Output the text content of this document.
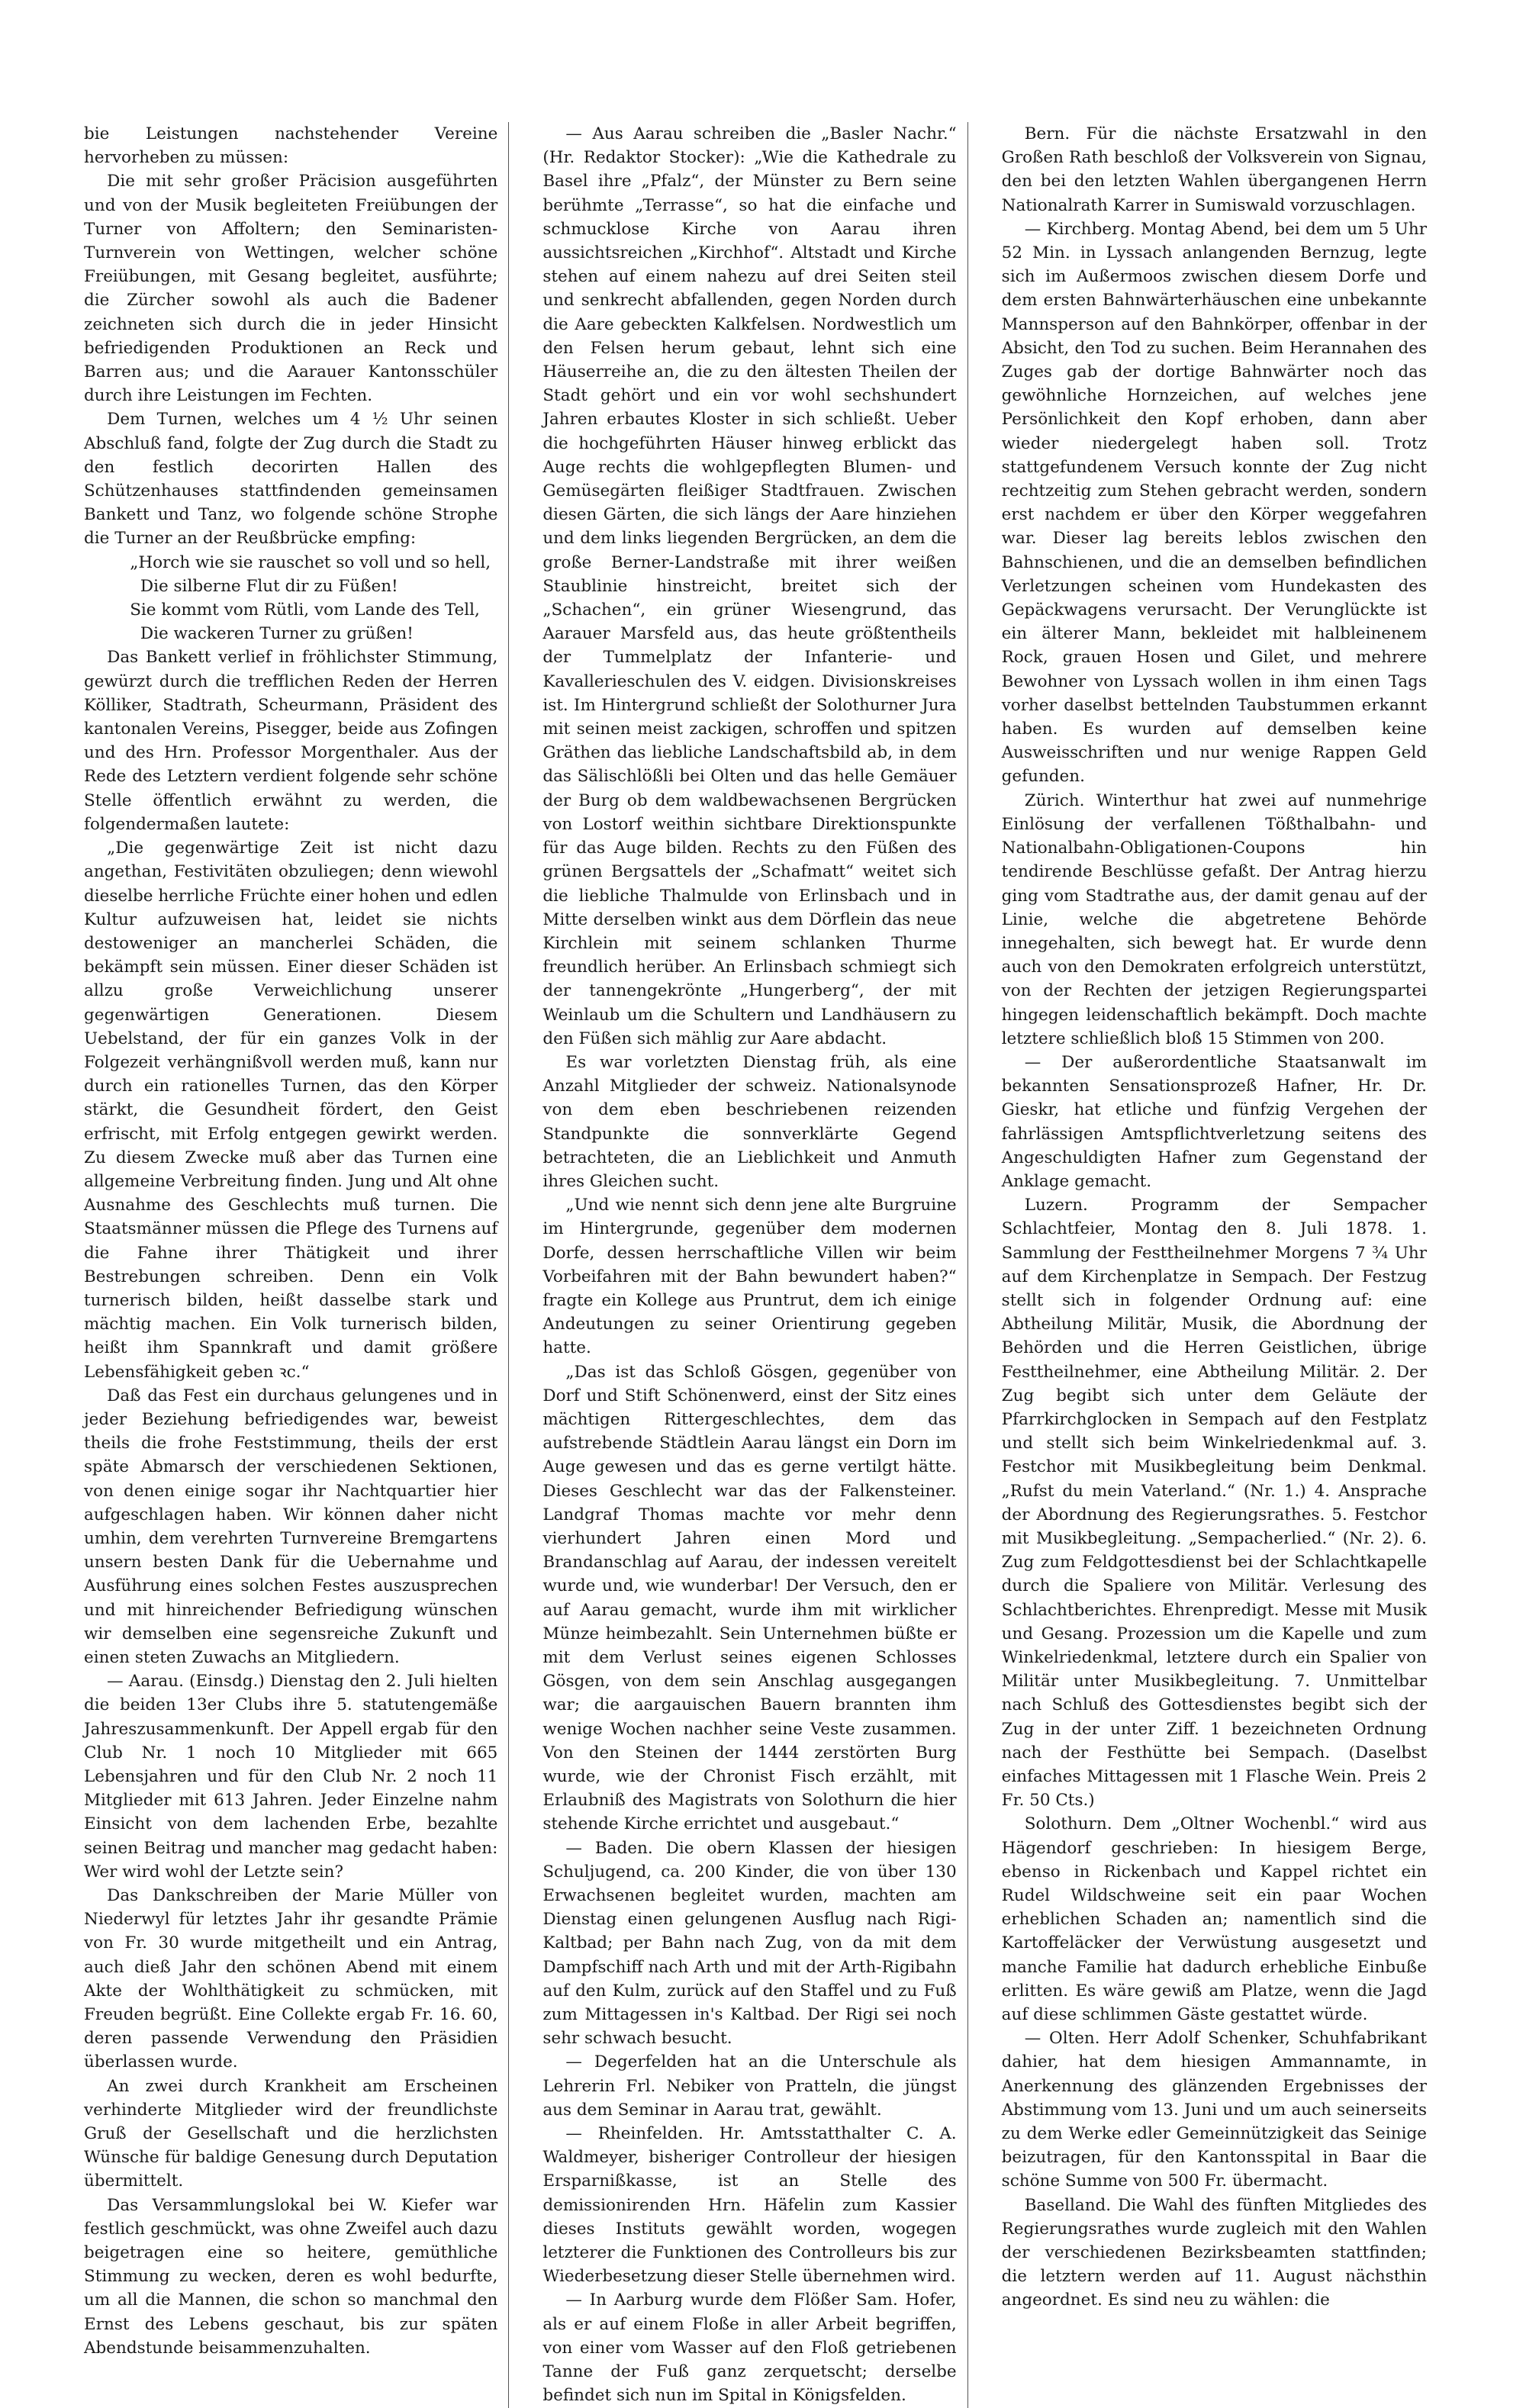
bie Leistungen nachstehender Vereine hervorheben zu müssen:

Die mit sehr großer Präcision ausgeführten und von der Musik begleiteten Freiübungen der Turner von Affoltern; den Seminaristen-Turnverein von Wettingen, welcher schöne Freiübungen, mit Gesang begleitet, ausführte; die Zürcher sowohl als auch die Badener zeichneten sich durch die in jeder Hinsicht befriedigenden Produktionen an Reck und Barren aus; und die Aarauer Kantonsschüler durch ihre Leistungen im Fechten.

Dem Turnen, welches um 4 ½ Uhr seinen Abschluß fand, folgte der Zug durch die Stadt zu den festlich decorirten Hallen des Schützenhauses stattfindenden gemeinsamen Bankett und Tanz, wo folgende schöne Strophe die Turner an der Reußbrücke empfing:

„Horch wie sie rauschet so voll und so hell,
Die silberne Flut dir zu Füßen!
Sie kommt vom Rütli, vom Lande des Tell,
Die wackeren Turner zu grüßen!

Das Bankett verlief in fröhlichster Stimmung, gewürzt durch die trefflichen Reden der Herren Kölliker, Stadtrath, Scheurmann, Präsident des kantonalen Vereins, Pisegger, beide aus Zofingen und des Hrn. Professor Morgenthaler. Aus der Rede des Letztern verdient folgende sehr schöne Stelle öffentlich erwähnt zu werden, die folgendermaßen lautete:

„Die gegenwärtige Zeit ist nicht dazu angethan, Festivitäten obzuliegen; denn wiewohl dieselbe herrliche Früchte einer hohen und edlen Kultur aufzuweisen hat, leidet sie nichts destoweniger an mancherlei Schäden, die bekämpft sein müssen. Einer dieser Schäden ist allzu große Verweichlichung unserer gegenwärtigen Generationen. Diesem Uebelstand, der für ein ganzes Volk in der Folgezeit verhängnißvoll werden muß, kann nur durch ein rationelles Turnen, das den Körper stärkt, die Gesundheit fördert, den Geist erfrischt, mit Erfolg entgegen gewirkt werden. Zu diesem Zwecke muß aber das Turnen eine allgemeine Verbreitung finden. Jung und Alt ohne Ausnahme des Geschlechts muß turnen. Die Staatsmänner müssen die Pflege des Turnens auf die Fahne ihrer Thätigkeit und ihrer Bestrebungen schreiben. Denn ein Volk turnerisch bilden, heißt dasselbe stark und mächtig machen. Ein Volk turnerisch bilden, heißt ihm Spannkraft und damit größere Lebensfähigkeit geben ꝛc.“

Daß das Fest ein durchaus gelungenes und in jeder Beziehung befriedigendes war, beweist theils die frohe Feststimmung, theils der erst späte Abmarsch der verschiedenen Sektionen, von denen einige sogar ihr Nachtquartier hier aufgeschlagen haben. Wir können daher nicht umhin, dem verehrten Turnvereine Bremgartens unsern besten Dank für die Uebernahme und Ausführung eines solchen Festes auszusprechen und mit hinreichender Befriedigung wünschen wir demselben eine segensreiche Zukunft und einen steten Zuwachs an Mitgliedern.

— Aarau. (Einsdg.) Dienstag den 2. Juli hielten die beiden 13er Clubs ihre 5. statutengemäße Jahreszusammenkunft. Der Appell ergab für den Club Nr. 1 noch 10 Mitglieder mit 665 Lebensjahren und für den Club Nr. 2 noch 11 Mitglieder mit 613 Jahren. Jeder Einzelne nahm Einsicht von dem lachenden Erbe, bezahlte seinen Beitrag und mancher mag gedacht haben: Wer wird wohl der Letzte sein?

Das Dankschreiben der Marie Müller von Niederwyl für letztes Jahr ihr gesandte Prämie von Fr. 30 wurde mitgetheilt und ein Antrag, auch dieß Jahr den schönen Abend mit einem Akte der Wohlthätigkeit zu schmücken, mit Freuden begrüßt. Eine Collekte ergab Fr. 16. 60, deren passende Verwendung den Präsidien überlassen wurde.

An zwei durch Krankheit am Erscheinen verhinderte Mitglieder wird der freundlichste Gruß der Gesellschaft und die herzlichsten Wünsche für baldige Genesung durch Deputation übermittelt.

Das Versammlungslokal bei W. Kiefer war festlich geschmückt, was ohne Zweifel auch dazu beigetragen eine so heitere, gemüthliche Stimmung zu wecken, deren es wohl bedurfte, um all die Mannen, die schon so manchmal den Ernst des Lebens geschaut, bis zur späten Abendstunde beisammenzuhalten.

— Aus Aarau schreiben die „Basler Nachr.“ (Hr. Redaktor Stocker): „Wie die Kathedrale zu Basel ihre „Pfalz“, der Münster zu Bern seine berühmte „Terrasse“, so hat die einfache und schmucklose Kirche von Aarau ihren aussichtsreichen „Kirchhof“. Altstadt und Kirche stehen auf einem nahezu auf drei Seiten steil und senkrecht abfallenden, gegen Norden durch die Aare gebeckten Kalkfelsen. Nordwestlich um den Felsen herum gebaut, lehnt sich eine Häuserreihe an, die zu den ältesten Theilen der Stadt gehört und ein vor wohl sechshundert Jahren erbautes Kloster in sich schließt. Ueber die hochgeführten Häuser hinweg erblickt das Auge rechts die wohlgepflegten Blumen- und Gemüsegärten fleißiger Stadtfrauen. Zwischen diesen Gärten, die sich längs der Aare hinziehen und dem links liegenden Bergrücken, an dem die große Berner-Landstraße mit ihrer weißen Staublinie hinstreicht, breitet sich der „Schachen“, ein grüner Wiesengrund, das Aarauer Marsfeld aus, das heute größtentheils der Tummelplatz der Infanterie- und Kavallerieschulen des V. eidgen. Divisionskreises ist. Im Hintergrund schließt der Solothurner Jura mit seinen meist zackigen, schroffen und spitzen Gräthen das liebliche Landschaftsbild ab, in dem das Sälischlößli bei Olten und das helle Gemäuer der Burg ob dem waldbewachsenen Bergrücken von Lostorf weithin sichtbare Direktionspunkte für das Auge bilden. Rechts zu den Füßen des grünen Bergsattels der „Schafmatt“ weitet sich die liebliche Thalmulde von Erlinsbach und in Mitte derselben winkt aus dem Dörflein das neue Kirchlein mit seinem schlanken Thurme freundlich herüber. An Erlinsbach schmiegt sich der tannengekrönte „Hungerberg“, der mit Weinlaub um die Schultern und Landhäusern zu den Füßen sich mählig zur Aare abdacht.

Es war vorletzten Dienstag früh, als eine Anzahl Mitglieder der schweiz. Nationalsynode von dem eben beschriebenen reizenden Standpunkte die sonnverklärte Gegend betrachteten, die an Lieblichkeit und Anmuth ihres Gleichen sucht.

„Und wie nennt sich denn jene alte Burgruine im Hintergrunde, gegenüber dem modernen Dorfe, dessen herrschaftliche Villen wir beim Vorbeifahren mit der Bahn bewundert haben?“ fragte ein Kollege aus Pruntrut, dem ich einige Andeutungen zu seiner Orientirung gegeben hatte.

„Das ist das Schloß Gösgen, gegenüber von Dorf und Stift Schönenwerd, einst der Sitz eines mächtigen Rittergeschlechtes, dem das aufstrebende Städtlein Aarau längst ein Dorn im Auge gewesen und das es gerne vertilgt hätte. Dieses Geschlecht war das der Falkensteiner. Landgraf Thomas machte vor mehr denn vierhundert Jahren einen Mord und Brandanschlag auf Aarau, der indessen vereitelt wurde und, wie wunderbar! Der Versuch, den er auf Aarau gemacht, wurde ihm mit wirklicher Münze heimbezahlt. Sein Unternehmen büßte er mit dem Verlust seines eigenen Schlosses Gösgen, von dem sein Anschlag ausgegangen war; die aargauischen Bauern brannten ihm wenige Wochen nachher seine Veste zusammen. Von den Steinen der 1444 zerstörten Burg wurde, wie der Chronist Fisch erzählt, mit Erlaubniß des Magistrats von Solothurn die hier stehende Kirche errichtet und ausgebaut.“

— Baden. Die obern Klassen der hiesigen Schuljugend, ca. 200 Kinder, die von über 130 Erwachsenen begleitet wurden, machten am Dienstag einen gelungenen Ausflug nach Rigi-Kaltbad; per Bahn nach Zug, von da mit dem Dampfschiff nach Arth und mit der Arth-Rigibahn auf den Kulm, zurück auf den Staffel und zu Fuß zum Mittagessen in's Kaltbad. Der Rigi sei noch sehr schwach besucht.

— Degerfelden hat an die Unterschule als Lehrerin Frl. Nebiker von Pratteln, die jüngst aus dem Seminar in Aarau trat, gewählt.

— Rheinfelden. Hr. Amtsstatthalter C. A. Waldmeyer, bisheriger Controlleur der hiesigen Ersparnißkasse, ist an Stelle des demissionirenden Hrn. Häfelin zum Kassier dieses Instituts gewählt worden, wogegen letzterer die Funktionen des Controlleurs bis zur Wiederbesetzung dieser Stelle übernehmen wird.

— In Aarburg wurde dem Flößer Sam. Hofer, als er auf einem Floße in aller Arbeit begriffen, von einer vom Wasser auf den Floß getriebenen Tanne der Fuß ganz zerquetscht; derselbe befindet sich nun im Spital in Königsfelden.

Bern. Für die nächste Ersatzwahl in den Großen Rath beschloß der Volksverein von Signau, den bei den letzten Wahlen übergangenen Herrn Nationalrath Karrer in Sumiswald vorzuschlagen.

— Kirchberg. Montag Abend, bei dem um 5 Uhr 52 Min. in Lyssach anlangenden Bernzug, legte sich im Außermoos zwischen diesem Dorfe und dem ersten Bahnwärterhäuschen eine unbekannte Mannsperson auf den Bahnkörper, offenbar in der Absicht, den Tod zu suchen. Beim Herannahen des Zuges gab der dortige Bahnwärter noch das gewöhnliche Hornzeichen, auf welches jene Persönlichkeit den Kopf erhoben, dann aber wieder niedergelegt haben soll. Trotz stattgefundenem Versuch konnte der Zug nicht rechtzeitig zum Stehen gebracht werden, sondern erst nachdem er über den Körper weggefahren war. Dieser lag bereits leblos zwischen den Bahnschienen, und die an demselben befindlichen Verletzungen scheinen vom Hundekasten des Gepäckwagens verursacht. Der Verunglückte ist ein älterer Mann, bekleidet mit halbleinenem Rock, grauen Hosen und Gilet, und mehrere Bewohner von Lyssach wollen in ihm einen Tags vorher daselbst bettelnden Taubstummen erkannt haben. Es wurden auf demselben keine Ausweisschriften und nur wenige Rappen Geld gefunden.

Zürich. Winterthur hat zwei auf nunmehrige Einlösung der verfallenen Tößthalbahn- und Nationalbahn-Obligationen-Coupons hin tendirende Beschlüsse gefaßt. Der Antrag hierzu ging vom Stadtrathe aus, der damit genau auf der Linie, welche die abgetretene Behörde innegehalten, sich bewegt hat. Er wurde denn auch von den Demokraten erfolgreich unterstützt, von der Rechten der jetzigen Regierungspartei hingegen leidenschaftlich bekämpft. Doch machte letztere schließlich bloß 15 Stimmen von 200.

— Der außerordentliche Staatsanwalt im bekannten Sensationsprozeß Hafner, Hr. Dr. Gieskr, hat etliche und fünfzig Vergehen der fahrlässigen Amtspflichtverletzung seitens des Angeschuldigten Hafner zum Gegenstand der Anklage gemacht.

Luzern. Programm der Sempacher Schlachtfeier, Montag den 8. Juli 1878. 1. Sammlung der Festtheilnehmer Morgens 7 ¾ Uhr auf dem Kirchenplatze in Sempach. Der Festzug stellt sich in folgender Ordnung auf: eine Abtheilung Militär, Musik, die Abordnung der Behörden und die Herren Geistlichen, übrige Festtheilnehmer, eine Abtheilung Militär. 2. Der Zug begibt sich unter dem Geläute der Pfarrkirchglocken in Sempach auf den Festplatz und stellt sich beim Winkelriedenkmal auf. 3. Festchor mit Musikbegleitung beim Denkmal. „Rufst du mein Vaterland.“ (Nr. 1.) 4. Ansprache der Abordnung des Regierungsrathes. 5. Festchor mit Musikbegleitung. „Sempacherlied.“ (Nr. 2). 6. Zug zum Feldgottesdienst bei der Schlachtkapelle durch die Spaliere von Militär. Verlesung des Schlachtberichtes. Ehrenpredigt. Messe mit Musik und Gesang. Prozession um die Kapelle und zum Winkelriedenkmal, letztere durch ein Spalier von Militär unter Musikbegleitung. 7. Unmittelbar nach Schluß des Gottesdienstes begibt sich der Zug in der unter Ziff. 1 bezeichneten Ordnung nach der Festhütte bei Sempach. (Daselbst einfaches Mittagessen mit 1 Flasche Wein. Preis 2 Fr. 50 Cts.)

Solothurn. Dem „Oltner Wochenbl.“ wird aus Hägendorf geschrieben: In hiesigem Berge, ebenso in Rickenbach und Kappel richtet ein Rudel Wildschweine seit ein paar Wochen erheblichen Schaden an; namentlich sind die Kartoffeläcker der Verwüstung ausgesetzt und manche Familie hat dadurch erhebliche Einbuße erlitten. Es wäre gewiß am Platze, wenn die Jagd auf diese schlimmen Gäste gestattet würde.

— Olten. Herr Adolf Schenker, Schuhfabrikant dahier, hat dem hiesigen Ammannamte, in Anerkennung des glänzenden Ergebnisses der Abstimmung vom 13. Juni und um auch seinerseits zu dem Werke edler Gemeinnützigkeit das Seinige beizutragen, für den Kantonsspital in Baar die schöne Summe von 500 Fr. übermacht.

Baselland. Die Wahl des fünften Mitgliedes des Regierungsrathes wurde zugleich mit den Wahlen der verschiedenen Bezirksbeamten stattfinden; die letztern werden auf 11. August nächsthin angeordnet. Es sind neu zu wählen: die
